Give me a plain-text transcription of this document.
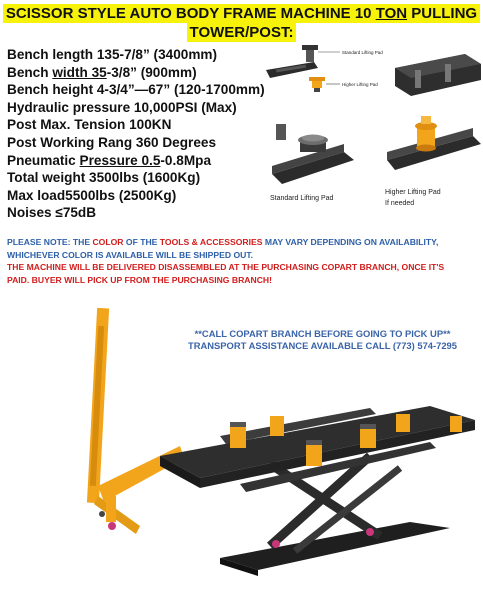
SCISSOR STYLE AUTO BODY FRAME MACHINE 10 TON PULLING
TOWER/POST:
Bench length 135-7/8” (3400mm)
Bench width 35-3/8” (900mm)
Bench height 4-3/4”—67” (120-1700mm)
Hydraulic pressure 10,000PSI (Max)
Post Max. Tension 100KN
Post Working Rang 360 Degrees
Pneumatic Pressure 0.5-0.8Mpa
Total weight 3500lbs (1600Kg)
Max load5500lbs (2500Kg)
Noises ≤75dB
Standard Lifting Pad
Higher Lifting Pad
Standard Lifting Pad
Higher Lifting Pad
If needed
PLEASE NOTE: THE COLOR OF THE TOOLS & ACCESSORIES MAY VARY DEPENDING ON AVAILABILITY,
WHICHEVER COLOR IS AVAILABLE WILL BE SHIPPED OUT.
THE MACHINE WILL BE DELIVERED DISASSEMBLED AT THE PURCHASING COPART BRANCH, ONCE IT'S
PAID. BUYER WILL PICK UP FROM THE PURCHASING BRANCH!
**CALL COPART BRANCH BEFORE GOING TO PICK UP**
TRANSPORT ASSISTANCE AVAILABLE CALL (773) 574-7295
